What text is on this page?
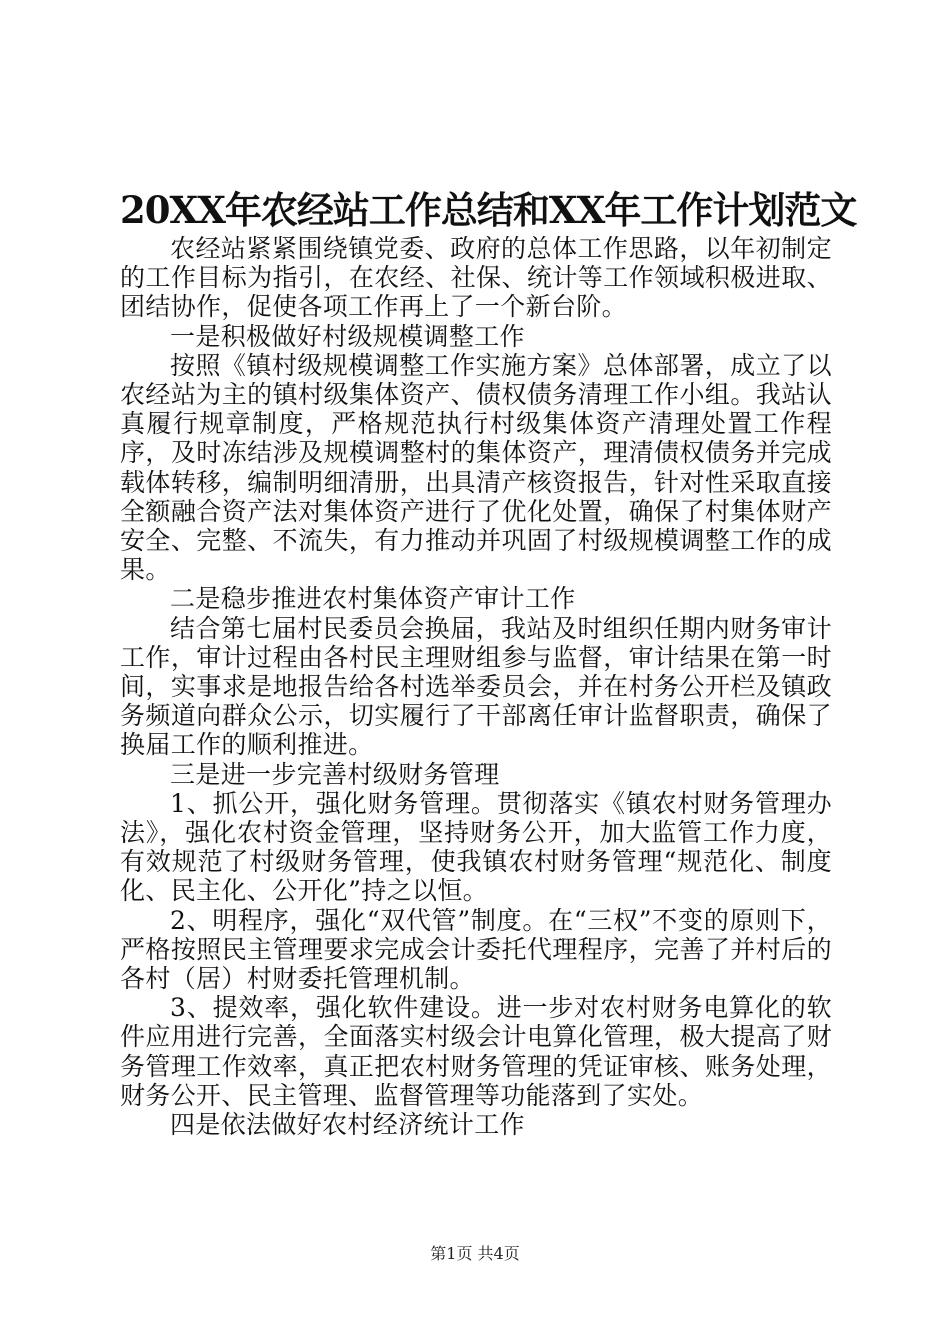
20XX年农经站工作总结和XX年工作计划范文

农经站紧紧围绕镇党委、政府的总体工作思路，以年初制定的工作目标为指引，在农经、社保、统计等工作领域积极进取、团结协作，促使各项工作再上了一个新台阶。

一是积极做好村级规模调整工作

按照《镇村级规模调整工作实施方案》总体部署，成立了以农经站为主的镇村级集体资产、债权债务清理工作小组。我站认真履行规章制度，严格规范执行村级集体资产清理处置工作程序，及时冻结涉及规模调整村的集体资产，理清债权债务并完成载体转移，编制明细清册，出具清产核资报告，针对性采取直接全额融合资产法对集体资产进行了优化处置，确保了村集体财产安全、完整、不流失，有力推动并巩固了村级规模调整工作的成果。

二是稳步推进农村集体资产审计工作

结合第七届村民委员会换届，我站及时组织任期内财务审计工作，审计过程由各村民主理财组参与监督，审计结果在第一时间，实事求是地报告给各村选举委员会，并在村务公开栏及镇政务频道向群众公示，切实履行了干部离任审计监督职责，确保了换届工作的顺利推进。

三是进一步完善村级财务管理

1、抓公开，强化财务管理。贯彻落实《镇农村财务管理办法》，强化农村资金管理，坚持财务公开，加大监管工作力度，有效规范了村级财务管理，使我镇农村财务管理“规范化、制度化、民主化、公开化”持之以恒。

2、明程序，强化“双代管”制度。在“三权”不变的原则下，严格按照民主管理要求完成会计委托代理程序，完善了并村后的各村（居）村财委托管理机制。

3、提效率，强化软件建设。进一步对农村财务电算化的软件应用进行完善，全面落实村级会计电算化管理，极大提高了财务管理工作效率，真正把农村财务管理的凭证审核、账务处理，财务公开、民主管理、监督管理等功能落到了实处。

四是依法做好农村经济统计工作

第1页 共4页
